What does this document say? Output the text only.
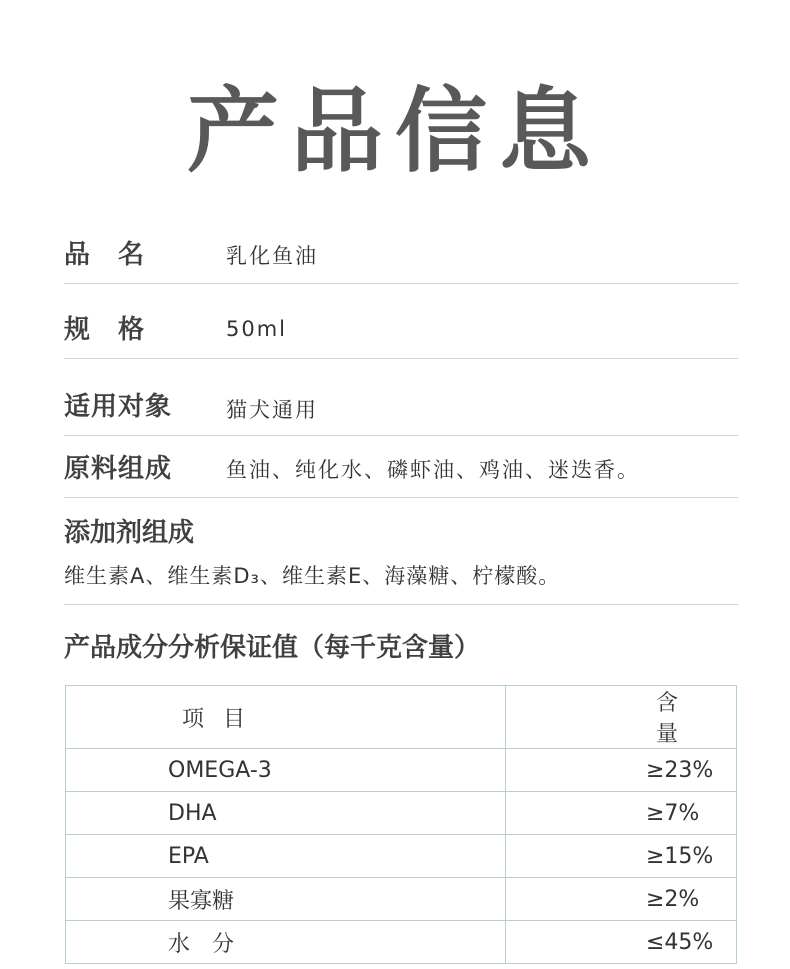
产品信息
品　名	乳化鱼油
规　格	50ml
适用对象	猫犬通用
原料组成	鱼油、纯化水、磷虾油、鸡油、迷迭香。
添加剂组成
维生素A、维生素D₃、维生素E、海藻糖、柠檬酸。
产品成分分析保证值（每千克含量）
项 目	含 量
OMEGA-3	≥23%
DHA	≥7%
EPA	≥15%
果寡糖	≥2%
水　分	≤45%
